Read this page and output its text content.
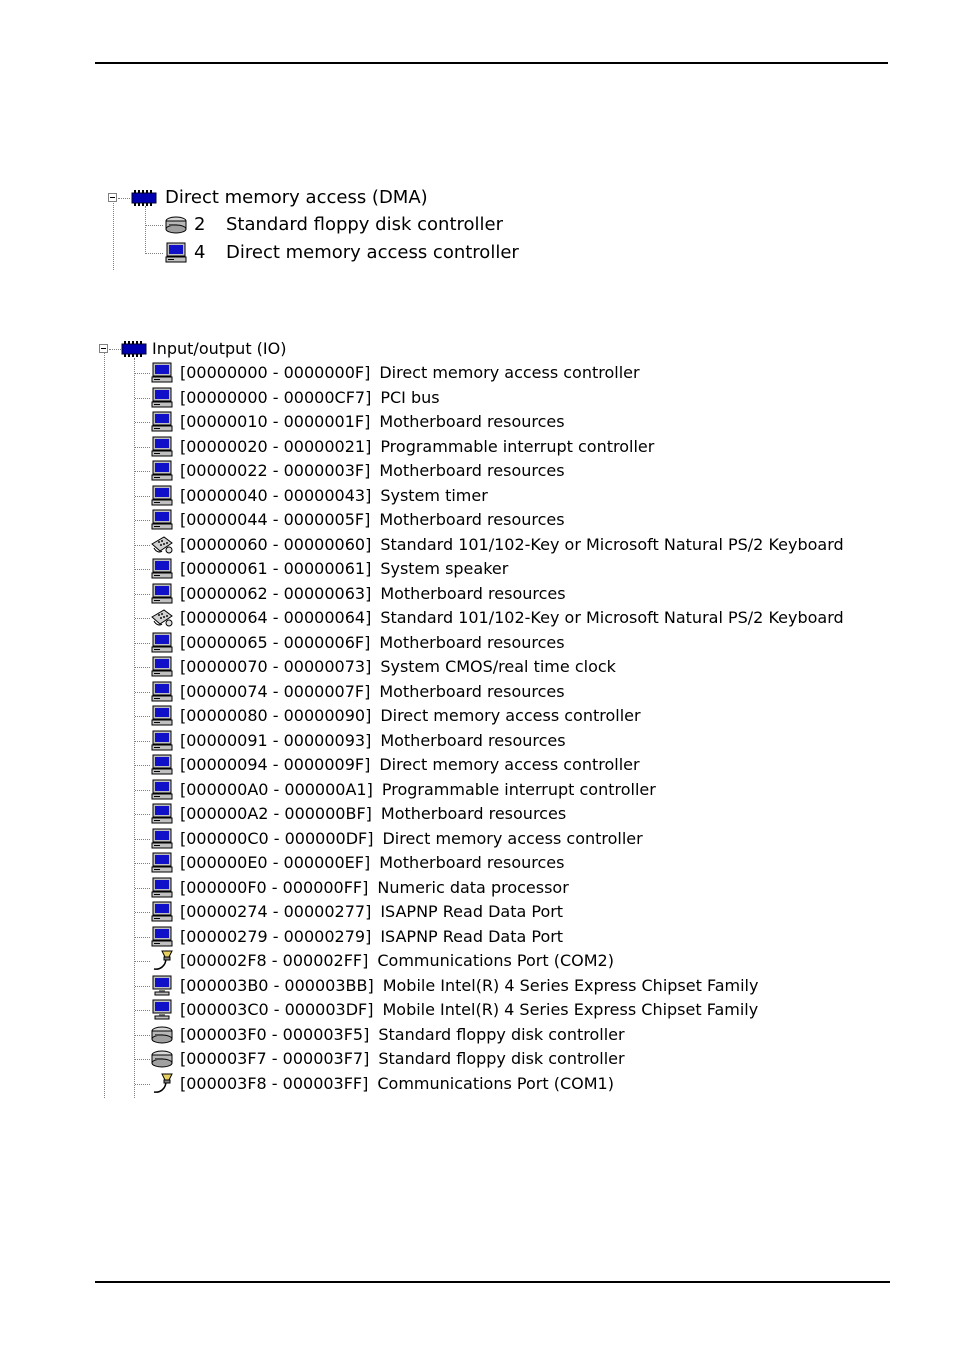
Direct memory access (DMA)
2	Standard floppy disk controller
4	Direct memory access controller
Input/output (IO)
[00000000 - 0000000F] Direct memory access controller
[00000000 - 00000CF7] PCI bus
[00000010 - 0000001F] Motherboard resources
[00000020 - 00000021] Programmable interrupt controller
[00000022 - 0000003F] Motherboard resources
[00000040 - 00000043] System timer
[00000044 - 0000005F] Motherboard resources
[00000060 - 00000060] Standard 101/102-Key or Microsoft Natural PS/2 Keyboard
[00000061 - 00000061] System speaker
[00000062 - 00000063] Motherboard resources
[00000064 - 00000064] Standard 101/102-Key or Microsoft Natural PS/2 Keyboard
[00000065 - 0000006F] Motherboard resources
[00000070 - 00000073] System CMOS/real time clock
[00000074 - 0000007F] Motherboard resources
[00000080 - 00000090] Direct memory access controller
[00000091 - 00000093] Motherboard resources
[00000094 - 0000009F] Direct memory access controller
[000000A0 - 000000A1] Programmable interrupt controller
[000000A2 - 000000BF] Motherboard resources
[000000C0 - 000000DF] Direct memory access controller
[000000E0 - 000000EF] Motherboard resources
[000000F0 - 000000FF] Numeric data processor
[00000274 - 00000277] ISAPNP Read Data Port
[00000279 - 00000279] ISAPNP Read Data Port
[000002F8 - 000002FF] Communications Port (COM2)
[000003B0 - 000003BB] Mobile Intel(R) 4 Series Express Chipset Family
[000003C0 - 000003DF] Mobile Intel(R) 4 Series Express Chipset Family
[000003F0 - 000003F5] Standard floppy disk controller
[000003F7 - 000003F7] Standard floppy disk controller
[000003F8 - 000003FF] Communications Port (COM1)
